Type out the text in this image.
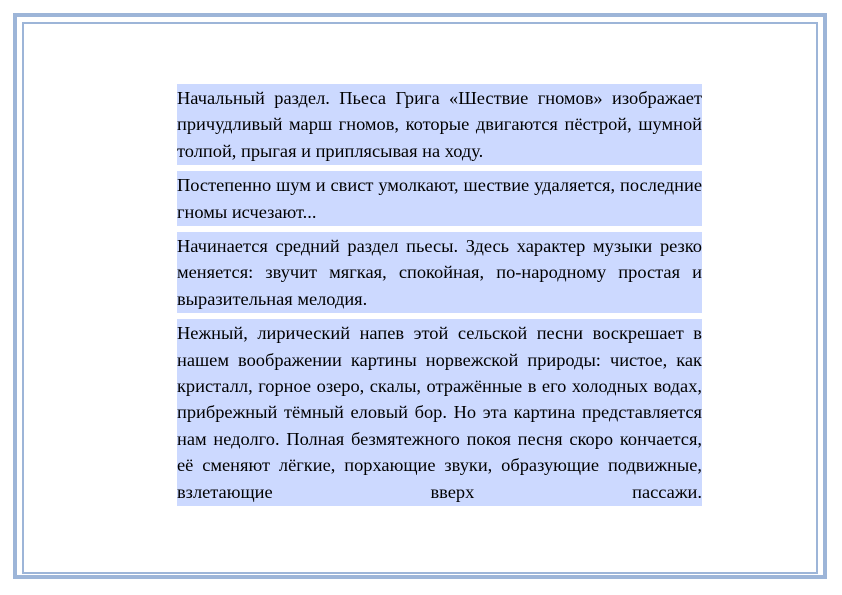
Начальный раздел. Пьеса Грига «Шествие гномов» изображает причудливый марш гномов, которые двигаются пёстрой, шумной толпой, прыгая и приплясывая на ходу.

Постепенно шум и свист умолкают, шествие удаляется, последние гномы исчезают...

Начинается средний раздел пьесы. Здесь характер музыки резко меняется: звучит мягкая, спокойная, по-народному простая и выразительная мелодия.

Нежный, лирический напев этой сельской песни воскрешает в нашем воображении картины норвежской природы: чистое, как кристалл, горное озеро, скалы, отражённые в его холодных водах, прибрежный тёмный еловый бор. Но эта картина представляется нам недолго. Полная безмятежного покоя песня скоро кончается, её сменяют лёгкие, порхающие звуки, образующие подвижные, взлетающие вверх пассажи.
